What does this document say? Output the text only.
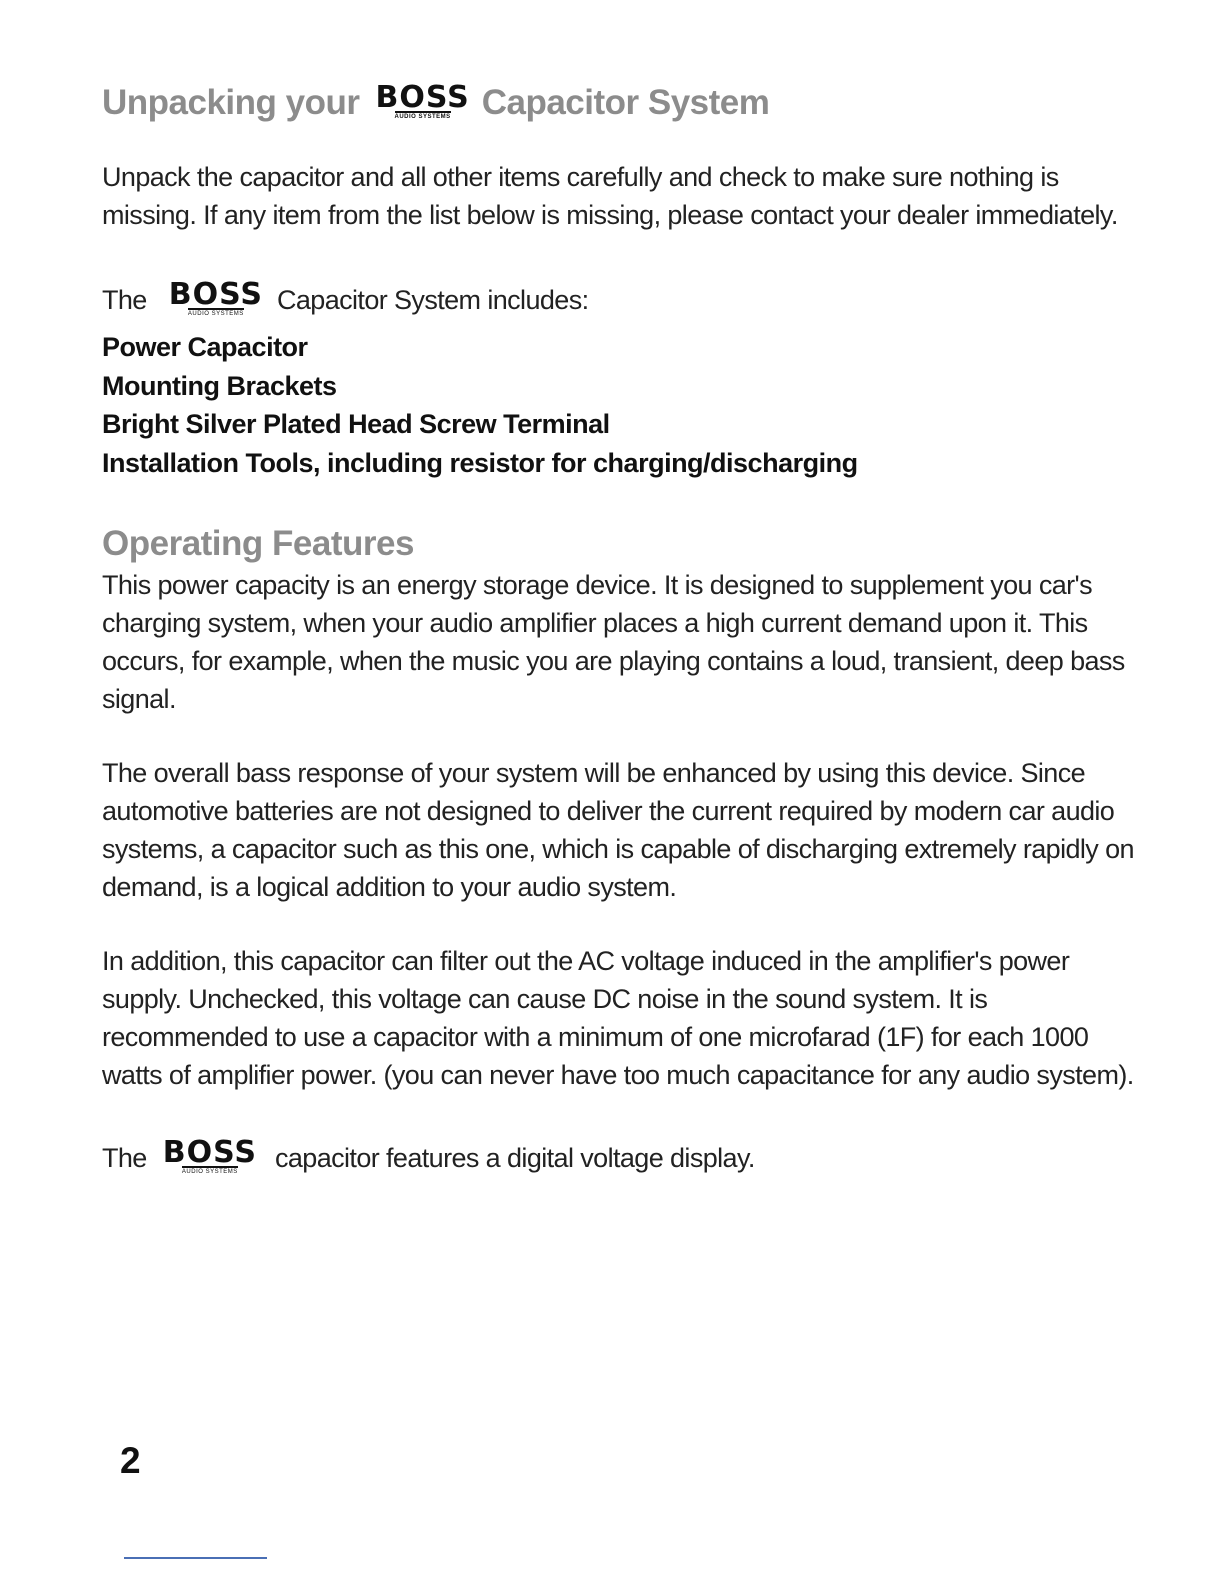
Unpacking your BOSS
AUDIO SYSTEMS Capacitor System

Unpack the capacitor and all other items carefully and check to make sure nothing is missing. If any item from the list below is missing, please contact your dealer immediately.

The BOSS
AUDIO SYSTEMS Capacitor System includes:
Power Capacitor
Mounting Brackets
Bright Silver Plated Head Screw Terminal
Installation Tools, including resistor for charging/discharging
Operating Features

This power capacity is an energy storage device. It is designed to supplement you car's charging system, when your audio amplifier places a high current demand upon it. This occurs, for example, when the music you are playing contains a loud, transient, deep bass signal.

The overall bass response of your system will be enhanced by using this device. Since automotive batteries are not designed to deliver the current required by modern car audio systems, a capacitor such as this one, which is capable of discharging extremely rapidly on demand, is a logical addition to your audio system.

In addition, this capacitor can filter out the AC voltage induced in the amplifier's power supply. Unchecked, this voltage can cause DC noise in the sound system. It is recommended to use a capacitor with a minimum of one microfarad (1F) for each 1000 watts of amplifier power. (you can never have too much capacitance for any audio system).

The BOSS
AUDIO SYSTEMS capacitor features a digital voltage display.
2
